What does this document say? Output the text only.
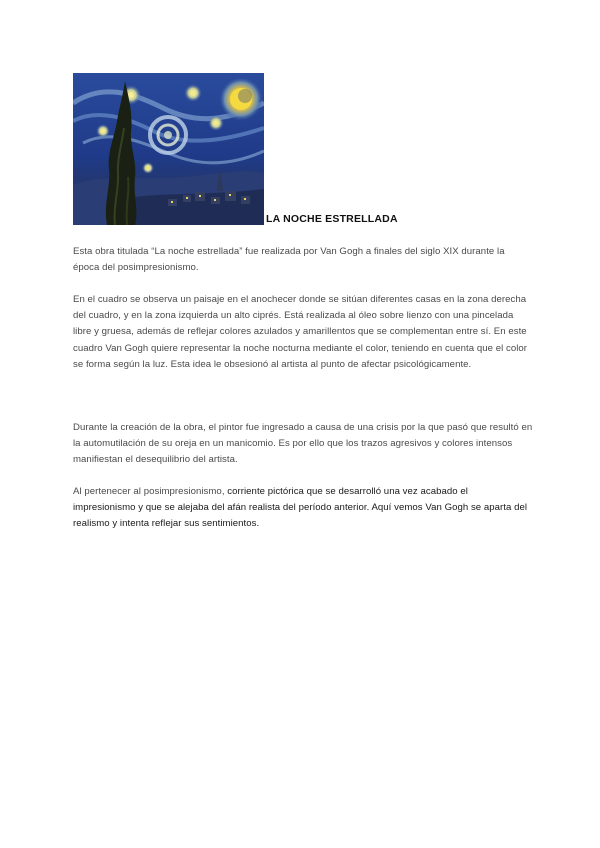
LA NOCHE ESTRELLADA

Esta obra titulada “La noche estrellada” fue realizada por Van Gogh a finales del siglo XIX durante la época del posimpresionismo.

En el cuadro se observa un paisaje en el anochecer donde se sitúan diferentes casas en la zona derecha del cuadro, y en la zona izquierda un alto ciprés. Está realizada al óleo sobre lienzo con una pincelada libre y gruesa, además de reflejar colores azulados y amarillentos que se complementan entre sí. En este cuadro Van Gogh quiere representar la noche nocturna mediante el color, teniendo en cuenta que el color se forma según la luz. Esta idea le obsesionó al artista al punto de afectar psicológicamente.

Durante la creación de la obra, el pintor fue ingresado a causa de una crisis por la que pasó que resultó en la automutilación de su oreja en un manicomio. Es por ello que los trazos agresivos y colores intensos manifiestan el desequilibrio del artista.

Al pertenecer al posimpresionismo, corriente pictórica que se desarrolló una vez acabado el impresionismo y que se alejaba del afán realista del período anterior. Aquí vemos Van Gogh se aparta del realismo y intenta reflejar sus sentimientos.
